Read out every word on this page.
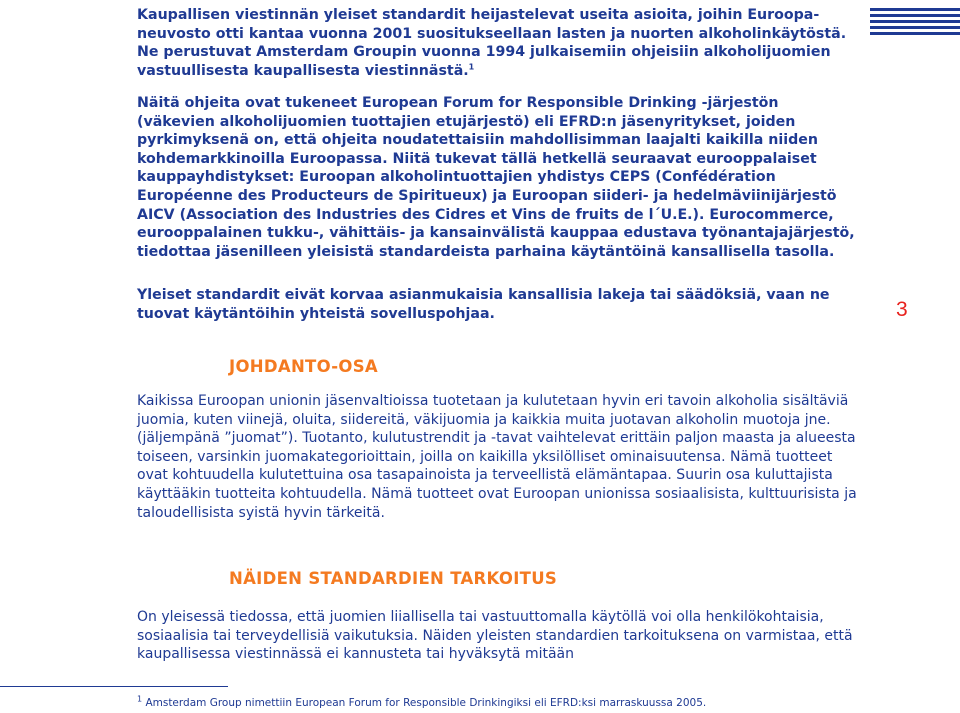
Kaupallisen viestinnän yleiset standardit heijastelevat useita asioita, joihin Euroopa-neuvosto otti kantaa vuonna 2001 suositukseellaan lasten ja nuorten alkoholinkäytöstä. Ne perustuvat Amsterdam Groupin vuonna 1994 julkaisemiin ohjeisiin alkoholijuomien vastuullisesta kaupallisesta viestinnästä.$^1$

Näitä ohjeita ovat tukeneet European Forum for Responsible Drinking -järjestön (väkevien alkoholijuomien tuottajien etujärjestö) eli EFRD:n jäsenyritykset, joiden pyrkimyksenä on, että ohjeita noudatettaisiin mahdollisimman laajalti kaikilla niiden kohdemarkkinoilla Euroopassa. Niitä tukevat tällä hetkellä seuraavat eurooppalaiset kauppayhdistykset: Euroopan alkoholintuottajien yhdistys CEPS (Confédération Européenne des Producteurs de Spiritueux) ja Euroopan siideri- ja hedelmäviinijärjestö AICV (Association des Industries des Cidres et Vins de fruits de l´U.E.). Eurocommerce, eurooppalainen tukku-, vähittäis- ja kansainvälistä kauppaa edustava työnantajajärjestö, tiedottaa jäsenilleen yleisistä standardeista parhaina käytäntöinä kansallisella tasolla.

Yleiset standardit eivät korvaa asianmukaisia kansallisia lakeja tai säädöksiä, vaan ne tuovat käytäntöihin yhteistä sovelluspohjaa.	3
JOHDANTO-OSA

Kaikissa Euroopan unionin jäsenvaltioissa tuotetaan ja kulutetaan hyvin eri tavoin alkoholia sisältäviä juomia, kuten viinejä, oluita, siidereitä, väkijuomia ja kaikkia muita juotavan alkoholin muotoja jne. (jäljempänä ”juomat”). Tuotanto, kulutustrendit ja -tavat vaihtelevat erittäin paljon maasta ja alueesta toiseen, varsinkin juomakategorioittain, joilla on kaikilla yksilölliset ominaisuutensa. Nämä tuotteet ovat kohtuudella kulutettuina osa tasapainoista ja terveellistä elämäntapaa. Suurin osa kuluttajista käyttääkin tuotteita kohtuudella. Nämä tuotteet ovat Euroopan unionissa sosiaalisista, kulttuurisista ja taloudellisista syistä hyvin tärkeitä.

NÄIDEN STANDARDIEN TARKOITUS

On yleisessä tiedossa, että juomien liiallisella tai vastuuttomalla käytöllä voi olla henkilökohtaisia, sosiaalisia tai terveydellisiä vaikutuksia. Näiden yleisten standardien tarkoituksena on varmistaa, että kaupallisessa viestinnässä ei kannusteta tai hyväksytä mitään

$^1$ Amsterdam Group nimettiin European Forum for Responsible Drinkingiksi eli EFRD:ksi marraskuussa 2005.
